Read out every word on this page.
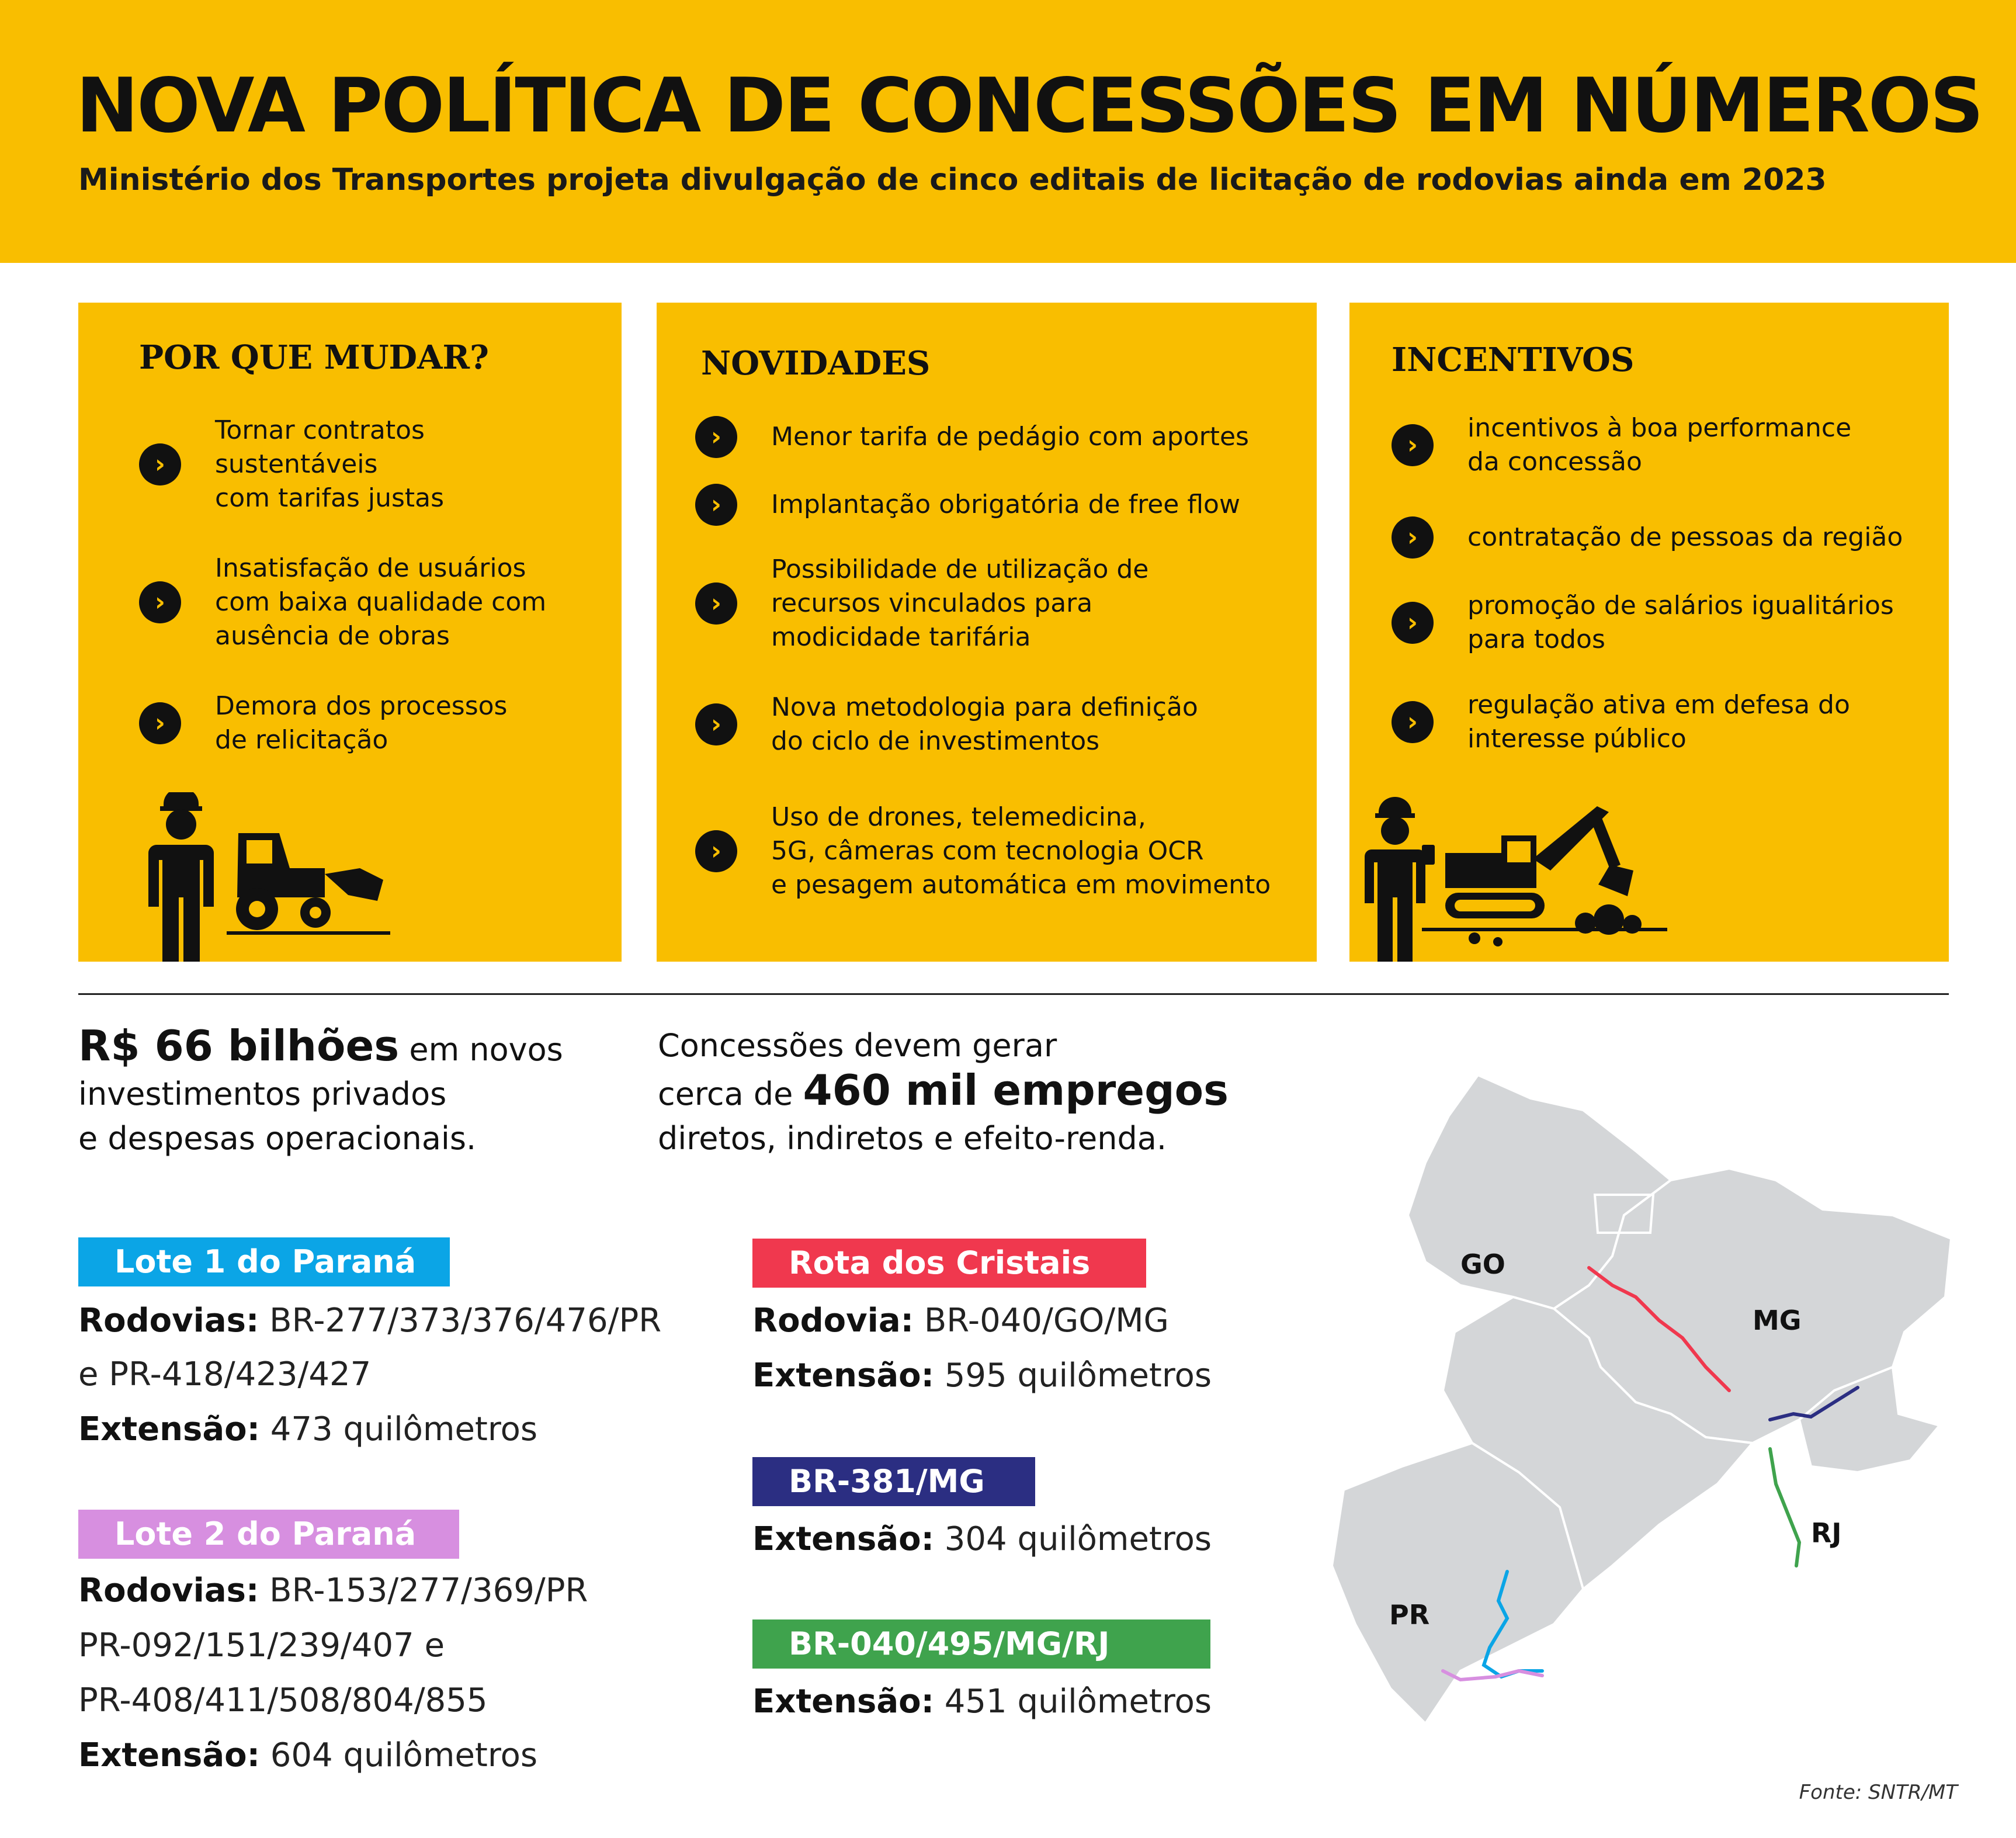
NOVA POLÍTICA DE CONCESSÕES EM NÚMEROS
Ministério dos Transportes projeta divulgação de cinco editais de licitação de rodovias ainda em 2023
POR QUE MUDAR?
›
Tornar contratos
sustentáveis
com tarifas justas
›
Insatisfação de usuários
com baixa qualidade com
ausência de obras
›
Demora dos processos
de relicitação
NOVIDADES
›	Menor tarifa de pedágio com aportes
›	Implantação obrigatória de free flow
›
Possibilidade de utilização de
recursos vinculados para
modicidade tarifária
›
Nova metodologia para definição
do ciclo de investimentos
›
Uso de drones, telemedicina,
5G, câmeras com tecnologia OCR
e pesagem automática em movimento
INCENTIVOS
›
incentivos à boa performance
da concessão
›	contratação de pessoas da região
›
promoção de salários igualitários
para todos
›
regulação ativa em defesa do
interesse público
R$ 66 bilhões em novos
investimentos privados
e despesas operacionais.
Concessões devem gerar
cerca de 460 mil empregos
diretos, indiretos e efeito-renda.
Lote 1 do Paraná
Rodovias: BR-277/373/376/476/PR
e PR-418/423/427
Extensão: 473 quilômetros
Lote 2 do Paraná
Rodovias: BR-153/277/369/PR
PR-092/151/239/407 e
PR-408/411/508/804/855
Extensão: 604 quilômetros
Rota dos Cristais
Rodovia: BR-040/GO/MG
Extensão: 595 quilômetros
BR-381/MG
Extensão: 304 quilômetros
BR-040/495/MG/RJ
Extensão: 451 quilômetros
GO
MG
RJ
PR
Fonte: SNTR/MT
